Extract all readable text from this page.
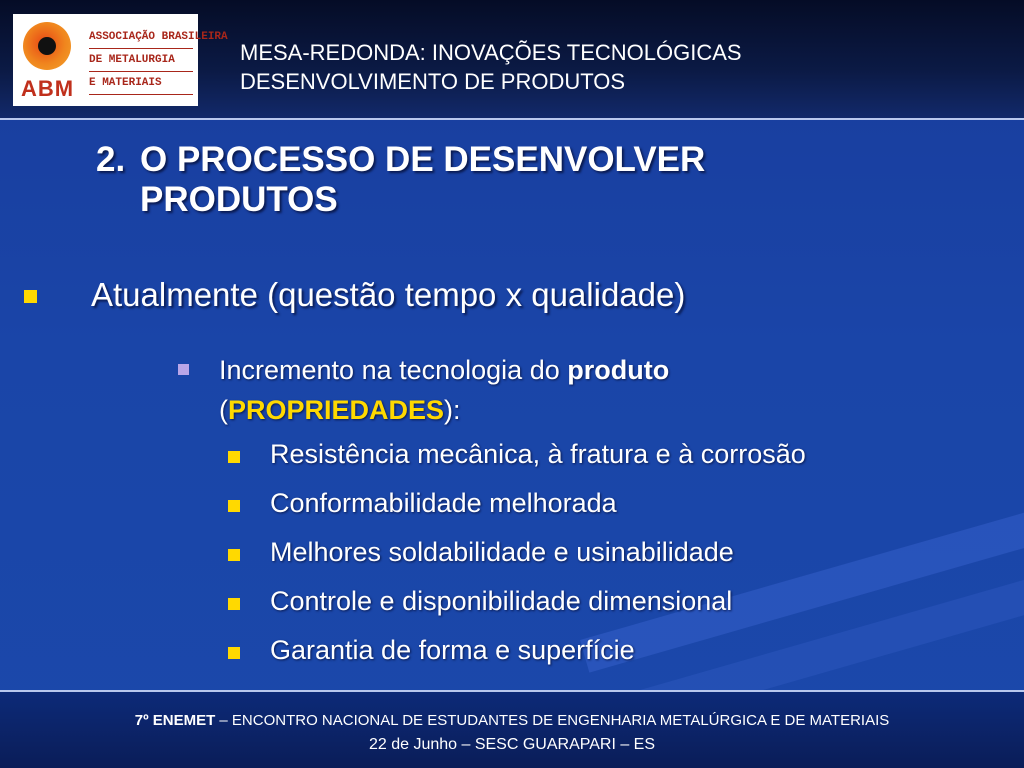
ABM
ASSOCIAÇÃO BRASILEIRA
DE METALURGIA
E MATERIAIS
MESA-REDONDA: INOVAÇÕES TECNOLÓGICAS
DESENVOLVIMENTO DE PRODUTOS
2. O PROCESSO DE DESENVOLVER
PRODUTOS
Atualmente (questão tempo x qualidade)
Incremento na tecnologia do produto
(PROPRIEDADES):
Resistência mecânica, à fratura e à corrosão
Conformabilidade melhorada
Melhores soldabilidade e usinabilidade
Controle e disponibilidade dimensional
Garantia de forma e superfície
7º ENEMET – ENCONTRO NACIONAL DE ESTUDANTES DE ENGENHARIA METALÚRGICA E DE MATERIAIS
22 de Junho – SESC GUARAPARI – ES
